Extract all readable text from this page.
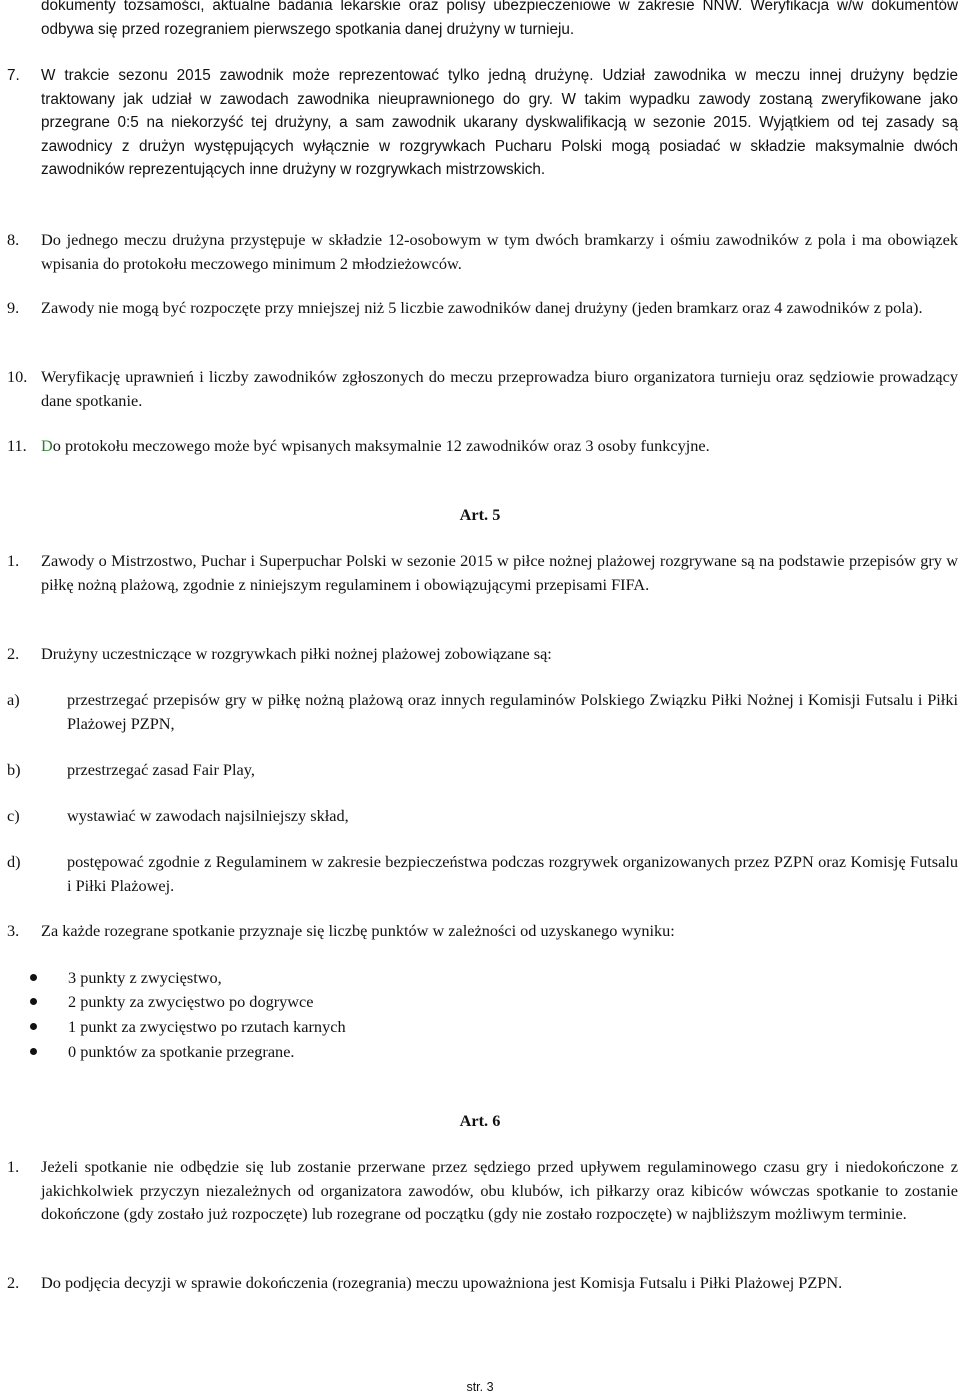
dokumenty tożsamości, aktualne badania lekarskie oraz polisy ubezpieczeniowe w zakresie NNW. Weryfikacja w/w dokumentów odbywa się przed rozegraniem pierwszego spotkania danej drużyny w turnieju.
7. W trakcie sezonu 2015 zawodnik może reprezentować tylko jedną drużynę. Udział zawodnika w meczu innej drużyny będzie traktowany jak udział w zawodach zawodnika nieuprawnionego do gry. W takim wypadku zawody zostaną zweryfikowane jako przegrane 0:5 na niekorzyść tej drużyny, a sam zawodnik ukarany dyskwalifikacją w sezonie 2015. Wyjątkiem od tej zasady są zawodnicy z drużyn występujących wyłącznie w rozgrywkach Pucharu Polski mogą posiadać w składzie maksymalnie dwóch zawodników reprezentujących inne drużyny w rozgrywkach mistrzowskich.
8. Do jednego meczu drużyna przystępuje w składzie 12-osobowym w tym dwóch bramkarzy i ośmiu zawodników z pola i ma obowiązek wpisania do protokołu meczowego minimum 2 młodzieżowców.
9. Zawody nie mogą być rozpoczęte przy mniejszej niż 5 liczbie zawodników danej drużyny (jeden bramkarz oraz 4 zawodników z pola).
10. Weryfikację uprawnień i liczby zawodników zgłoszonych do meczu przeprowadza biuro organizatora turnieju oraz sędziowie prowadzący dane spotkanie.
11. Do protokołu meczowego może być wpisanych maksymalnie 12 zawodników oraz 3 osoby funkcyjne.
Art. 5
1. Zawody o Mistrzostwo, Puchar i Superpuchar Polski w sezonie 2015 w piłce nożnej plażowej rozgrywane są na podstawie przepisów gry w piłkę nożną plażową, zgodnie z niniejszym regulaminem i obowiązującymi przepisami FIFA.
2. Drużyny uczestniczące w rozgrywkach piłki nożnej plażowej zobowiązane są:
a)	przestrzegać przepisów gry w piłkę nożną plażową oraz innych regulaminów Polskiego Związku Piłki Nożnej i Komisji Futsalu i Piłki Plażowej PZPN,
b)	przestrzegać zasad Fair Play,
c)	wystawiać w zawodach najsilniejszy skład,
d)	postępować zgodnie z Regulaminem w zakresie bezpieczeństwa podczas rozgrywek organizowanych przez PZPN oraz Komisję Futsalu i Piłki Plażowej.
3. Za każde rozegrane spotkanie przyznaje się liczbę punktów w zależności od uzyskanego wyniku:
3 punkty z zwycięstwo,
2 punkty za zwycięstwo po dogrywce
1 punkt za zwycięstwo po rzutach karnych
0 punktów za spotkanie przegrane.
Art. 6
1. Jeżeli spotkanie nie odbędzie się lub zostanie przerwane przez sędziego przed upływem regulaminowego czasu gry i niedokończone z jakichkolwiek przyczyn niezależnych od organizatora zawodów, obu klubów, ich piłkarzy oraz kibiców wówczas spotkanie to zostanie dokończone (gdy zostało już rozpoczęte) lub rozegrane od początku (gdy nie zostało rozpoczęte) w najbliższym możliwym terminie.
2. Do podjęcia decyzji w sprawie dokończenia (rozegrania) meczu upoważniona jest Komisja Futsalu i Piłki Plażowej PZPN.
str. 3
